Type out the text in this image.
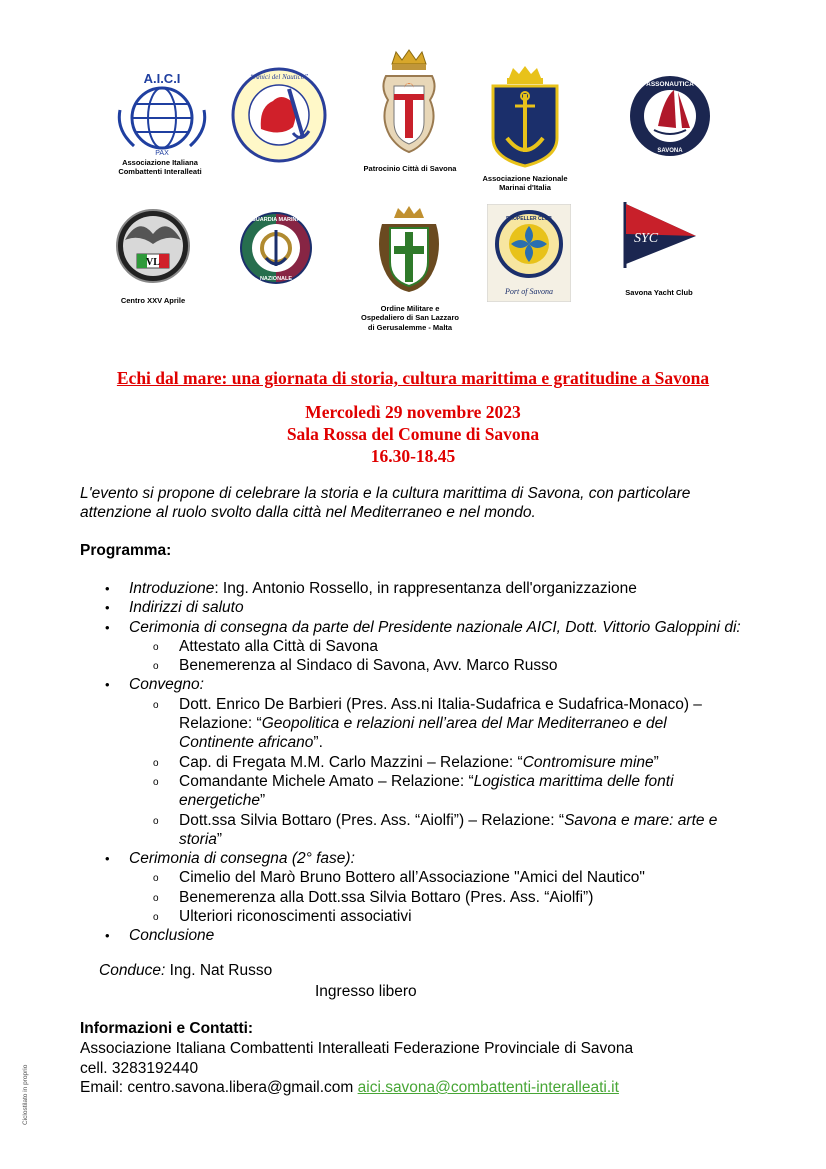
A.I.C.I
PAX
Associazione Italiana
Combattenti Interalleati
“Amici del Nautico”
Patrocinio Città di Savona
Associazione Nazionale
Marinai d'Italia
ASSONAUTICA
SAVONA
VL
Centro XXV Aprile
GUARDIA MARINA
NAZIONALE
Ordine Militare e
Ospedaliero di San Lazzaro
di Gerusalemme - Malta
PROPELLER CLUB
Port of Savona
SYC
Savona Yacht Club
Echi dal mare: una giornata di storia, cultura marittima e gratitudine a Savona
Mercoledì 29 novembre 2023
Sala Rossa del Comune di Savona
16.30-18.45
L'evento si propone di celebrare la storia e la cultura marittima di Savona, con particolare attenzione al ruolo svolto dalla città nel Mediterraneo e nel mondo.
Programma:
• Introduzione: Ing. Antonio Rossello, in rappresentanza dell'organizzazione
• Indirizzi di saluto
• Cerimonia di consegna da parte del Presidente nazionale AICI, Dott. Vittorio Galoppini di:
o Attestato alla Città di Savona
o Benemerenza al Sindaco di Savona, Avv. Marco Russo
• Convegno:
o Dott. Enrico De Barbieri (Pres. Ass.ni Italia-Sudafrica e Sudafrica-Monaco) – Relazione: “Geopolitica e relazioni nell’area del Mar Mediterraneo e del Continente africano”.
o Cap. di Fregata M.M. Carlo Mazzini – Relazione: “Contromisure mine”
o Comandante Michele Amato – Relazione: “Logistica marittima delle fonti energetiche”
o Dott.ssa Silvia Bottaro (Pres. Ass. “Aiolfi”) – Relazione: “Savona e mare: arte e storia”
• Cerimonia di consegna (2° fase):
o Cimelio del Marò Bruno Bottero all’Associazione "Amici del Nautico"
o Benemerenza alla Dott.ssa Silvia Bottaro (Pres. Ass. “Aiolfi”)
o Ulteriori riconoscimenti associativi
• Conclusione
Conduce: Ing. Nat Russo
Ingresso libero
Informazioni e Contatti:
Associazione Italiana Combattenti Interalleati Federazione Provinciale di Savona
cell. 3283192440
Email: centro.savona.libera@gmail.com aici.savona@combattenti-interalleati.it
Ciclostilato in proprio
